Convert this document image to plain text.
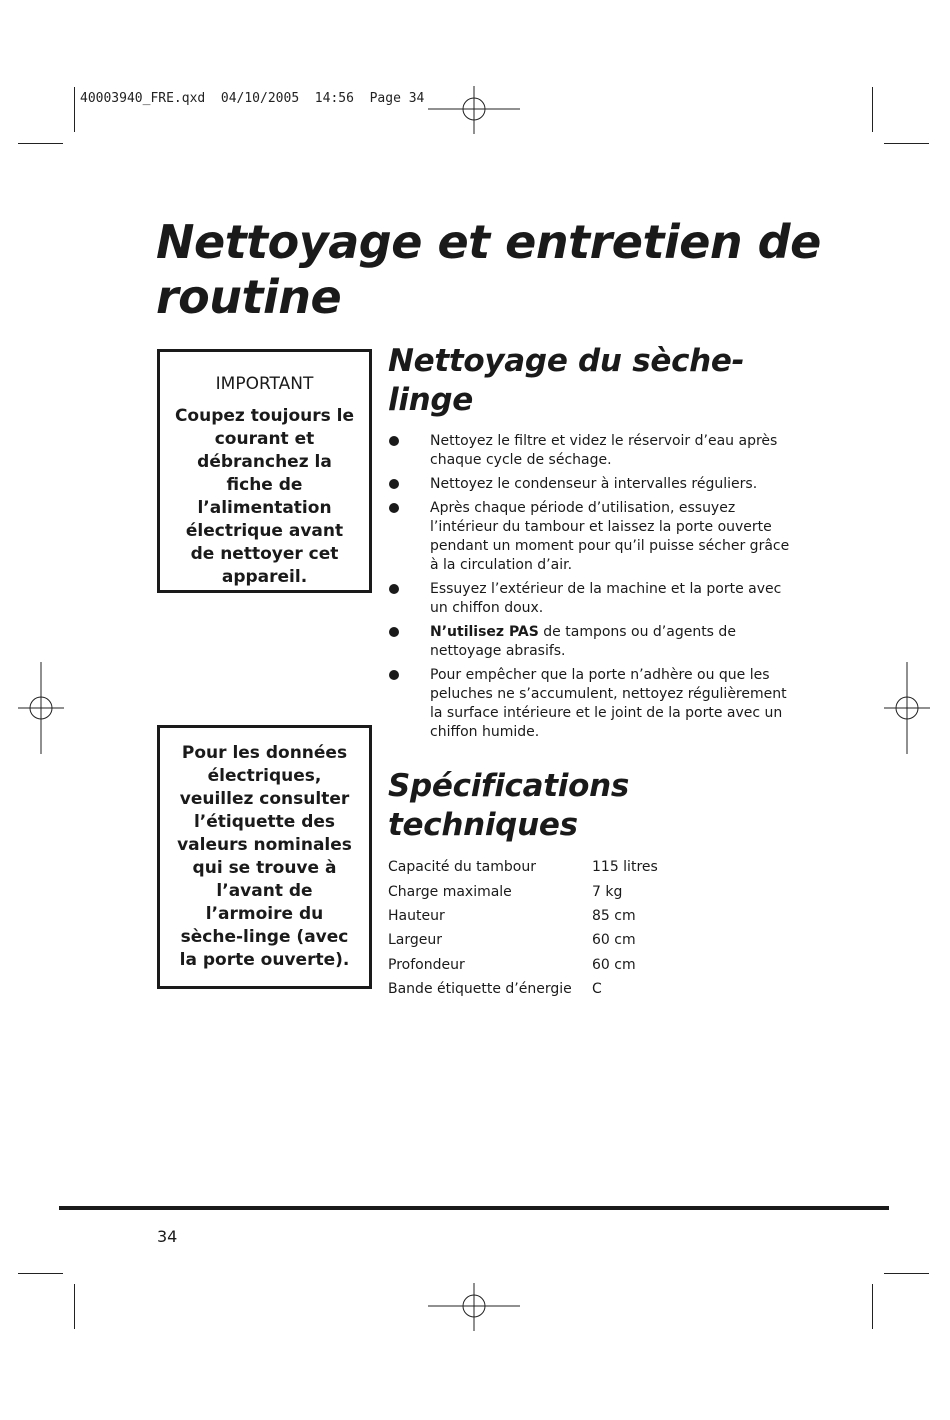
40003940_FRE.qxd  04/10/2005  14:56  Page 34
Nettoyage et entretien de routine
IMPORTANT
Coupez toujours le courant et débranchez la fiche de l’alimentation électrique avant de nettoyer cet appareil.
Pour les données électriques, veuillez consulter l’étiquette des valeurs nominales qui se trouve à l’avant de l’armoire du sèche-linge (avec la porte ouverte).
Nettoyage du sèche-linge
Nettoyez le filtre et videz le réservoir d’eau après chaque cycle de séchage.
Nettoyez le condenseur à intervalles réguliers.
Après chaque période d’utilisation, essuyez l’intérieur du tambour et laissez la porte ouverte pendant un moment pour qu’il puisse sécher grâce à la circulation d’air.
Essuyez l’extérieur de la machine et la porte avec un chiffon doux.
N’utilisez PAS de tampons ou d’agents de nettoyage abrasifs.
Pour empêcher que la porte n’adhère ou que les peluches ne s’accumulent, nettoyez régulièrement la surface intérieure et le joint de la porte avec un chiffon humide.
Spécifications techniques
Capacité du tambour	115 litres
Charge maximale	7 kg
Hauteur	85 cm
Largeur	60 cm
Profondeur	60 cm
Bande étiquette d’énergie	C
34
